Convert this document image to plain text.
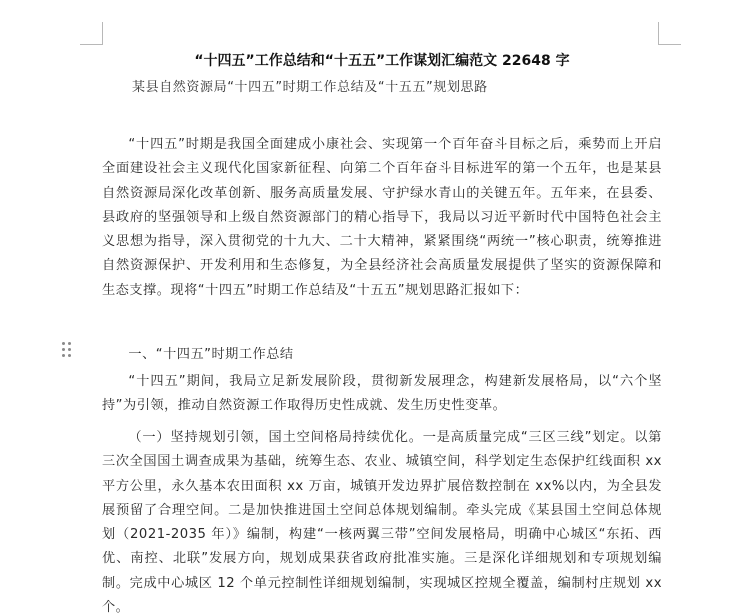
“十四五”工作总结和“十五五”工作谋划汇编范文 22648 字
某县自然资源局“十四五”时期工作总结及“十五五”规划思路

“十四五”时期是我国全面建成小康社会、实现第一个百年奋斗目标之后，乘势而上开启全面建设社会主义现代化国家新征程、向第二个百年奋斗目标进军的第一个五年，也是某县自然资源局深化改革创新、服务高质量发展、守护绿水青山的关键五年。五年来，在县委、县政府的坚强领导和上级自然资源部门的精心指导下，我局以习近平新时代中国特色社会主义思想为指导，深入贯彻党的十九大、二十大精神，紧紧围绕“两统一”核心职责，统筹推进自然资源保护、开发利用和生态修复，为全县经济社会高质量发展提供了坚实的资源保障和生态支撑。现将“十四五”时期工作总结及“十五五”规划思路汇报如下：

一、“十四五”时期工作总结

“十四五”期间，我局立足新发展阶段，贯彻新发展理念，构建新发展格局，以“六个坚持”为引领，推动自然资源工作取得历史性成就、发生历史性变革。

（一）坚持规划引领，国土空间格局持续优化。一是高质量完成“三区三线”划定。以第三次全国国土调查成果为基础，统筹生态、农业、城镇空间，科学划定生态保护红线面积 xx 平方公里，永久基本农田面积 xx 万亩，城镇开发边界扩展倍数控制在 xx%以内，为全县发展预留了合理空间。二是加快推进国土空间总体规划编制。牵头完成《某县国土空间总体规划（2021-2035 年）》编制，构建“一核两翼三带”空间发展格局，明确中心城区“东拓、西优、南控、北联”发展方向，规划成果获省政府批准实施。三是深化详细规划和专项规划编制。完成中心城区 12 个单元控制性详细规划编制，实现城区控规全覆盖，编制村庄规划 xx 个。
